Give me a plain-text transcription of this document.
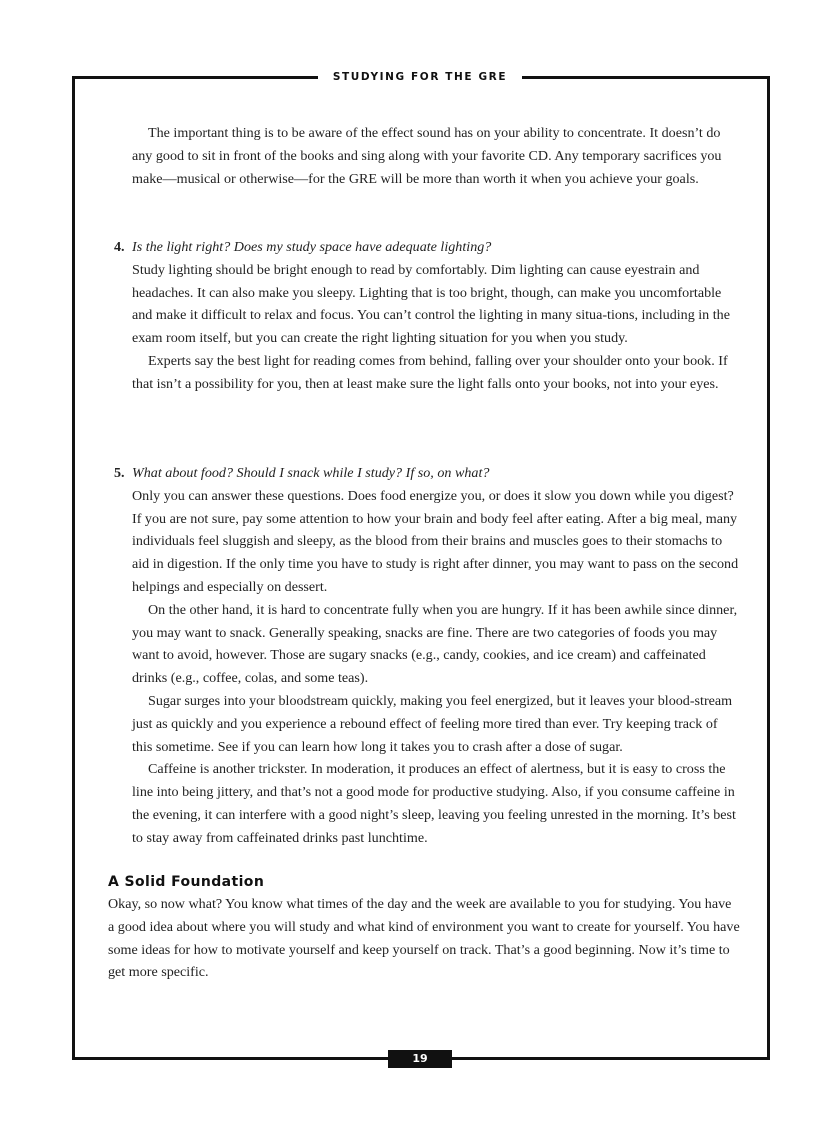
STUDYING FOR THE GRE

The important thing is to be aware of the effect sound has on your ability to concentrate. It doesn’t do any good to sit in front of the books and sing along with your favorite CD. Any temporary sacrifices you make—musical or otherwise—for the GRE will be more than worth it when you achieve your goals.

4. Is the light right? Does my study space have adequate lighting?

Study lighting should be bright enough to read by comfortably. Dim lighting can cause eyestrain and headaches. It can also make you sleepy. Lighting that is too bright, though, can make you uncomfortable and make it difficult to relax and focus. You can’t control the lighting in many situa-tions, including in the exam room itself, but you can create the right lighting situation for you when you study.

Experts say the best light for reading comes from behind, falling over your shoulder onto your book. If that isn’t a possibility for you, then at least make sure the light falls onto your books, not into your eyes.

5. What about food? Should I snack while I study? If so, on what?

Only you can answer these questions. Does food energize you, or does it slow you down while you digest? If you are not sure, pay some attention to how your brain and body feel after eating. After a big meal, many individuals feel sluggish and sleepy, as the blood from their brains and muscles goes to their stomachs to aid in digestion. If the only time you have to study is right after dinner, you may want to pass on the second helpings and especially on dessert.

On the other hand, it is hard to concentrate fully when you are hungry. If it has been awhile since dinner, you may want to snack. Generally speaking, snacks are fine. There are two categories of foods you may want to avoid, however. Those are sugary snacks (e.g., candy, cookies, and ice cream) and caffeinated drinks (e.g., coffee, colas, and some teas).

Sugar surges into your bloodstream quickly, making you feel energized, but it leaves your blood-stream just as quickly and you experience a rebound effect of feeling more tired than ever. Try keeping track of this sometime. See if you can learn how long it takes you to crash after a dose of sugar.

Caffeine is another trickster. In moderation, it produces an effect of alertness, but it is easy to cross the line into being jittery, and that’s not a good mode for productive studying. Also, if you consume caffeine in the evening, it can interfere with a good night’s sleep, leaving you feeling unrested in the morning. It’s best to stay away from caffeinated drinks past lunchtime.

A Solid Foundation

Okay, so now what? You know what times of the day and the week are available to you for studying. You have a good idea about where you will study and what kind of environment you want to create for yourself. You have some ideas for how to motivate yourself and keep yourself on track. That’s a good beginning. Now it’s time to get more specific.

19
